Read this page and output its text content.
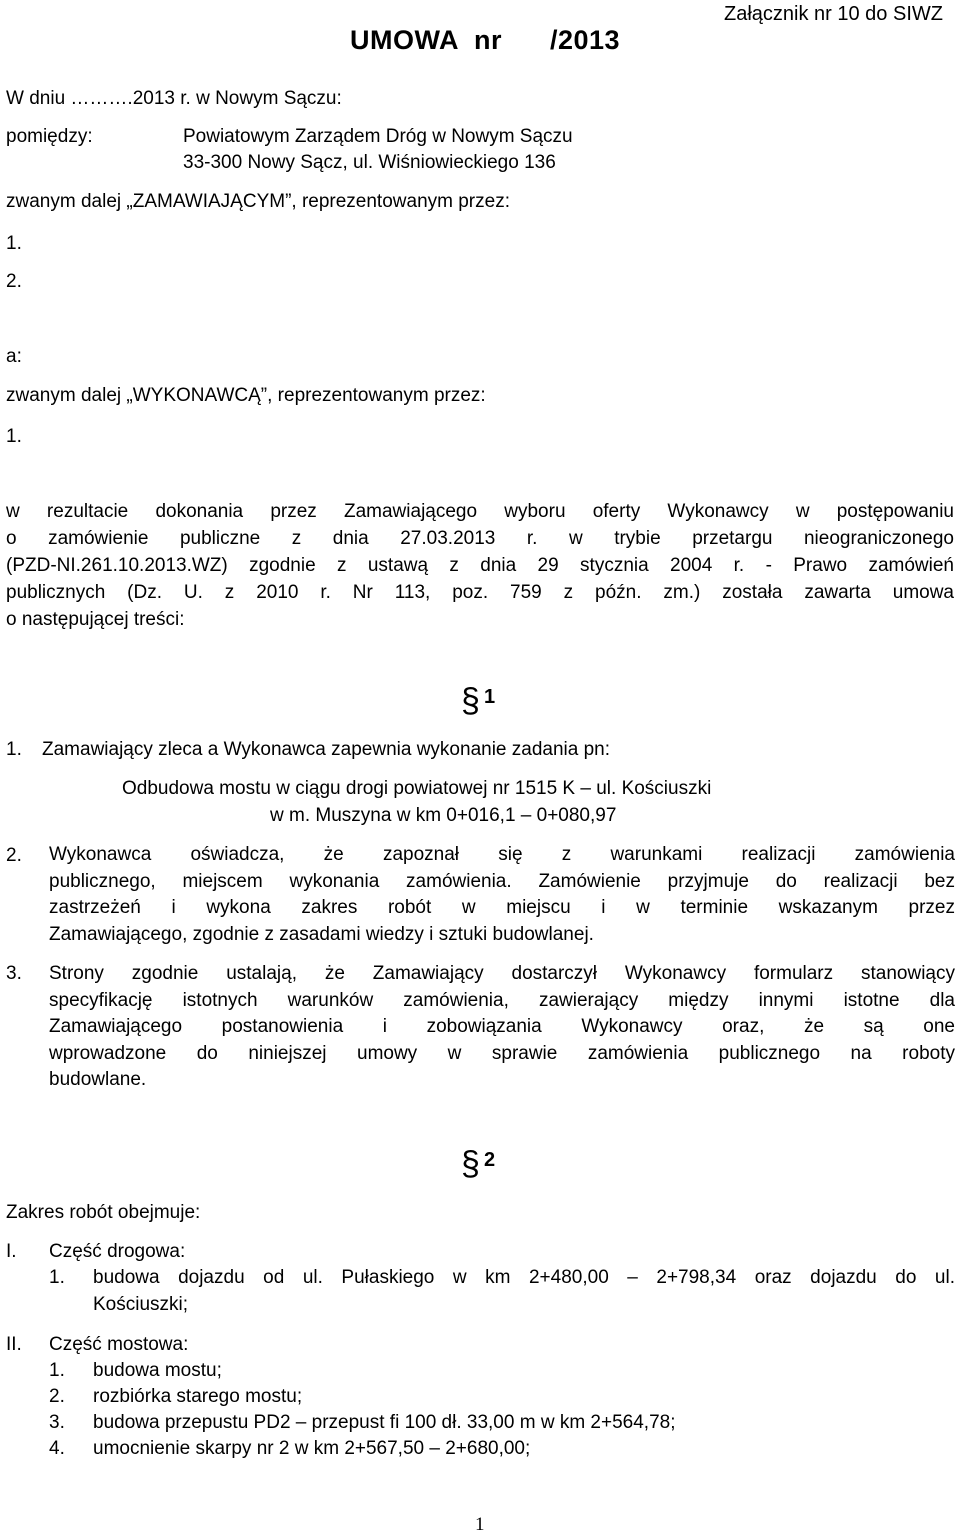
UMOWA  nr      /2013
Załącznik nr 10 do SIWZ
W dniu ……….2013 r. w Nowym Sączu:
pomiędzy:	Powiatowym Zarządem Dróg w Nowym Sączu
33-300 Nowy Sącz, ul. Wiśniowieckiego 136
zwanym dalej „ZAMAWIAJĄCYM”, reprezentowanym przez:
1.
2.
a:
zwanym dalej „WYKONAWCĄ”, reprezentowanym przez:
1.
w rezultacie dokonania przez Zamawiającego wyboru oferty Wykonawcy w postępowaniu
o zamówienie publiczne z dnia 27.03.2013 r. w trybie przetargu nieograniczonego
(PZD-NI.261.10.2013.WZ) zgodnie z ustawą z dnia 29 stycznia 2004 r. - Prawo zamówień
publicznych (Dz. U. z 2010 r. Nr 113, poz. 759 z późn. zm.) została zawarta umowa
o następującej treści:
§ 1
1. Zamawiający zleca a Wykonawca zapewnia wykonanie zadania pn:
Odbudowa mostu w ciągu drogi powiatowej nr 1515 K – ul. Kościuszki
w m. Muszyna w km 0+016,1 – 0+080,97
2. Wykonawca oświadcza, że zapoznał się z warunkami realizacji zamówienia
publicznego, miejscem wykonania zamówienia. Zamówienie przyjmuje do realizacji bez
zastrzeżeń i wykona zakres robót w miejscu i w terminie wskazanym przez
Zamawiającego, zgodnie z zasadami wiedzy i sztuki budowlanej.
3. Strony zgodnie ustalają, że Zamawiający dostarczył Wykonawcy formularz stanowiący
specyfikację istotnych warunków zamówienia, zawierający między innymi istotne dla
Zamawiającego postanowienia i zobowiązania Wykonawcy oraz, że są one
wprowadzone do niniejszej umowy w sprawie zamówienia publicznego na roboty
budowlane.
§ 2
Zakres robót obejmuje:
I. Część drogowa:
1. budowa dojazdu od ul. Pułaskiego w km 2+480,00 – 2+798,34 oraz dojazdu do ul.
Kościuszki;
II. Część mostowa:
1. budowa mostu;
2. rozbiórka starego mostu;
3. budowa przepustu PD2 – przepust fi 100 dł. 33,00 m w km 2+564,78;
4. umocnienie skarpy nr 2 w km 2+567,50 – 2+680,00;
1
